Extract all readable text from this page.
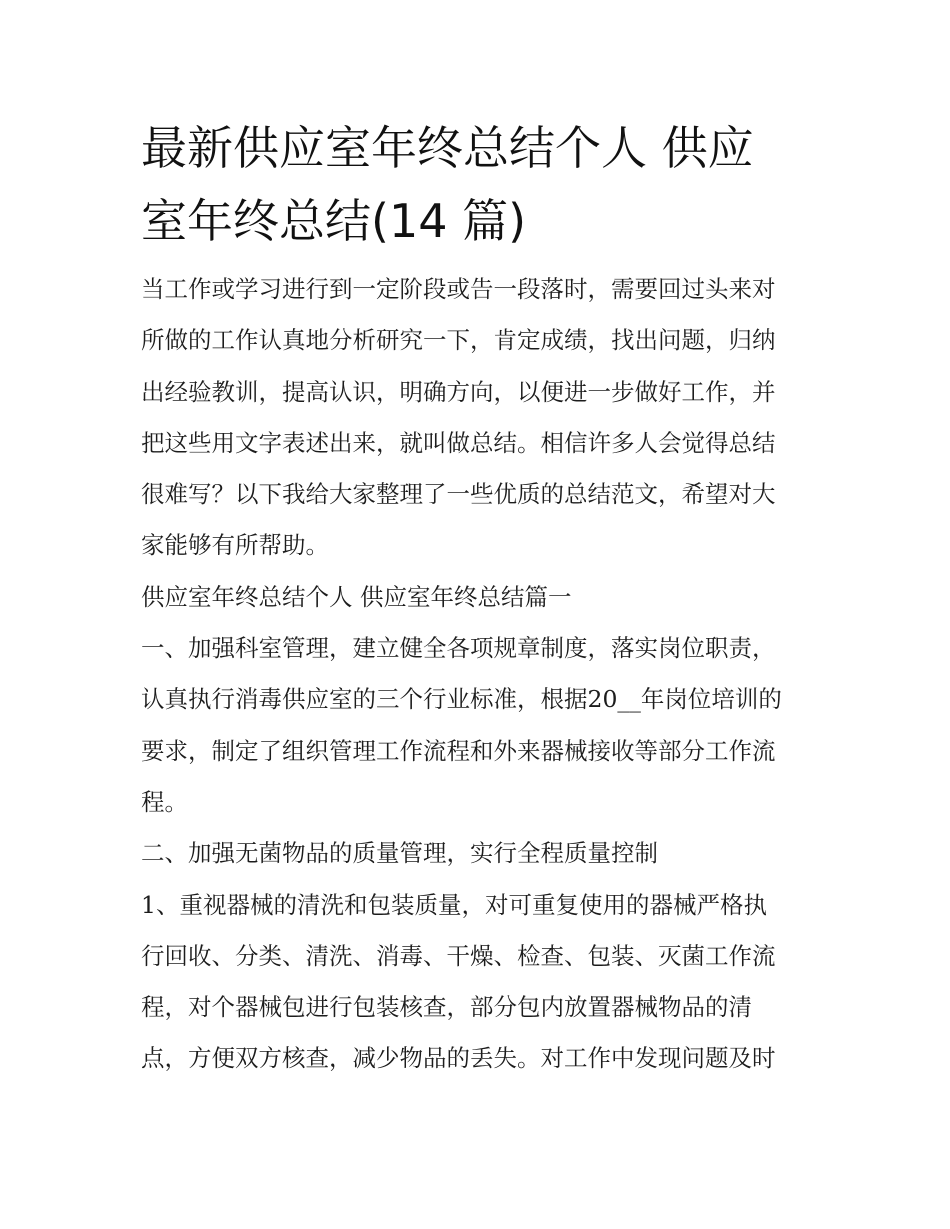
最新供应室年终总结个人 供应
室年终总结(14 篇)
当工作或学习进行到一定阶段或告一段落时，需要回过头来对
所做的工作认真地分析研究一下，肯定成绩，找出问题，归纳
出经验教训，提高认识，明确方向，以便进一步做好工作，并
把这些用文字表述出来，就叫做总结。相信许多人会觉得总结
很难写？以下我给大家整理了一些优质的总结范文，希望对大
家能够有所帮助。
供应室年终总结个人 供应室年终总结篇一
一、加强科室管理，建立健全各项规章制度，落实岗位职责，
认真执行消毒供应室的三个行业标准，根据20__年岗位培训的
要求，制定了组织管理工作流程和外来器械接收等部分工作流
程。
二、加强无菌物品的质量管理，实行全程质量控制
1、重视器械的清洗和包装质量，对可重复使用的器械严格执
行回收、分类、清洗、消毒、干燥、检查、包装、灭菌工作流
程，对个器械包进行包装核查，部分包内放置器械物品的清
点，方便双方核查，减少物品的丢失。对工作中发现问题及时
